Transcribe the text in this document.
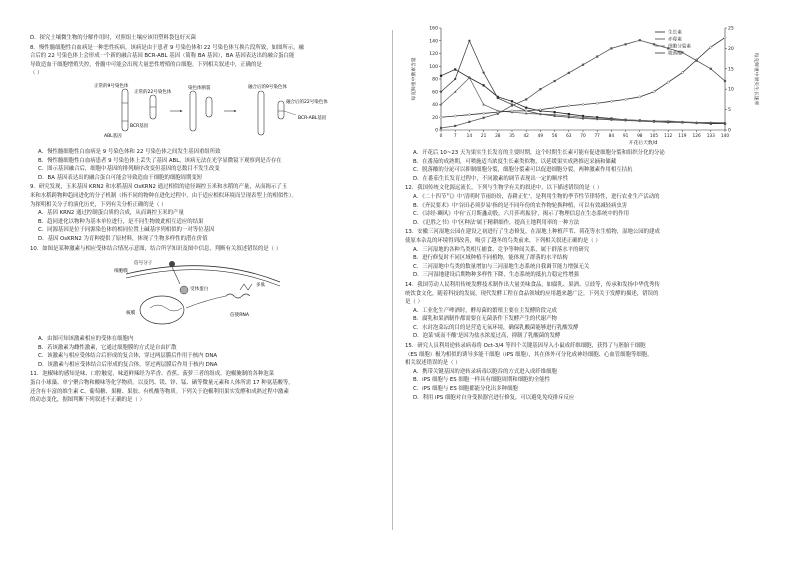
D．探究土壤微生物的分解作用时，对照组土壤应该用塑料袋包好灭菌
8．慢性髓细胞性白血病是一种恶性疾病，该病是由于患者 9 号染色体和 22 号染色体互换片段所致，如图所示，融
合后的 22 号染色体上会形成一个新的融合基因 BCR-ABL 基因（简称 BA 基因），BA 基因表达出的融合蛋白能
导致造血干细胞增殖失控，骨髓中可能会出现大量恶性增殖的白细胞。下列相关叙述中，正确的是
（ ）
正常的9号染色体
正常的22号染色体
BCR基因
ABL基因
染色体断裂	融合后的9号染色体
融合后的22号染色体
BCR-ABL基因
A．慢性髓细胞性白血病是 9 号染色体和 22 号染色体之间发生基因重组所致
B．慢性髓细胞性白血病患者 9 号染色体上丢失了基因 ABL，该病无法在光学显微镜下观察到是否存在
C．图示基因融合后，细胞中基因的排列顺序改变但基因的总数目不发生改变
D．BA 基因表达出的融合蛋白可能会导致造血干细胞的细胞周期变短
9．研究发现，玉米基因 KRN2 和水稻基因 OsKRN2 通过相似的途径调控玉米和水稻的产量，从而揭示了玉
米和水稻跨物种趋同进化的分子机制（指不同的物种在进化过程中，由于适应相似环境而呈现表型上的相似性）。
为探明相关分子的演化历史，下列有关分析正确的是（ ）
A．基因 KRN2 通过控制蛋白质的合成，从而调控玉米的产量
B．趋同进化以物种为基本单位进行，是不同生物彼此相互适应的结果
C．同源基因是位于同源染色体的相同位置上碱基序列相似的一对等位基因
D．基因 OsKRN2 为育种提供了原材料，体现了生物多样性的潜在价值
10．如图是某种激素与相应受体结合情况示意图，结合所学知识及图中信息，判断有关叙述错误的是（ ）
信号分子
细胞膜
受体蛋白
核膜
多肽
信使RNA
A．由图可知该激素相应的受体在细胞内
B．若该激素为雌性激素，它通过细胞膜的方式是自由扩散
C．该激素与相应受体结合后形成的复合体，穿过两层膜后作用于核内 DNA
D．该激素与相应受体结合后形成的复合体，穿过两层膜后作用于核内 DNA
11．泡椒味的感知是味、口腔触觉，味道鲜辣经为苹香、香蕉、菠萝三者的组成，泡椒腌制的各种泡菜
蛋白小球藻、单宁聚合物和酸味等化学物质。以及钙、镁、锌、锰、硒等微量元素和人体所需 17 种氨基酸等，
还含有丰富的维生素 C、葡萄糖、果糖、果胶、有机酸等物质。下列关于泡椒利用果实发酵和成熟过程中激素
的动态变化，据图判断下列叙述不正确的是（ ）
0
20
40
60
80
100
120
140
160
0
5
10
15
20
25
0	7 14 21 28 35 42 49 56 63 70 77 84 91 98 105 112 119 126 133 140
开花后天数/d
每克鲜重中激素含量	每克鲜重中果实生长速率
生长素
赤霉素
细胞分裂素
脱落酸
A．开花后 10~23 天为果实生长发育的主要时期，这个时期生长素可能有促进细胞分裂和组织分化的分泌
B．在番茄的成熟期，可喷施适当浓度生长素类似物，以延缓果实成熟推迟采摘和储藏
C．脱落酸的分泌可以抑制细胞分裂，细胞分裂素可以促进细胞分裂，两种激素作用相互拮抗
D．在番茄生长发育过程中，不同激素的调节表现出一定的顺序性
12．我国传统文化源远流长，下列与生物学有关的叙述中，以下描述错误的是（ ）
A．《二十四节气》中'清明时节雨纷纷，春耕正忙'，是利用生物的季节性节律特性，进行农业生产活动的
B．《齐民要术》中'谷田必须岁易'指的是不同年份的农作物轮换种植，可以有效减轻病虫害
C．《诗经·豳风》中有'五月斯螽动股，六月莎鸡振羽'，揭示了物理信息在生态系统中的作用
D．《氾胜之书》中'区种法'属于精耕细作，提高土地利用率的一种方法
13．安徽三河湿地公园在建设之初进行了生态修复，在湿地上种植芦苇、荷花等水生植物，湿地公园的建成
使原本杂乱的环境得到改善，吸引了越冬的鸟类前来，下列相关叙述正确的是（ ）
A．三河湿地的各种鸟类相互捕食、竞争等种间关系，属于群落水平的研究
B．进行修复时不同区域种植不同植物，能体现了群落的水平结构
C．三河湿地中鸟类的数量增加与三河湿地生态系统自我调节能力增强无关
D．三河湿地建设后期物种多样性下降，生态系统的抵抗力稳定性增强
14．我国劳动人民利用传统发酵技术制作出大量美味食品，如腐乳、果酒、豆豉等，传承和发扬中华优秀传
统饮食文化，随着科技的发展，现代发酵工程在食品领域的应用越来越广泛。下列关于发酵的描述，错误的
是（ ）
A．工业化生产啤酒时，酵母菌的繁殖主要在主发酵阶段完成
B．腐乳和果酒制作都需要在无菌条件下发酵产生的代谢产物
C．水封泡菜坛的目的是营造无氧环境，确保乳酸菌能够进行乳酸发酵
D．泡菜'咸而不酸'是因为盐水浓度过高，抑制了乳酸菌的发酵
15．研究人员利用逆转录病毒将 Oct-3/4 等四个关键基因导入小鼠成纤维细胞，获得了与胚胎干细胞
（ES 细胞）极为相似的诱导多能干细胞（iPS 细胞），其在体外可分化成神经细胞、心血管细胞等细胞，
相关叙述错误的是（ ）
A．携带关键基因的逆转录病毒以胞吞的方式进入成纤维细胞
B．iPS 细胞与 ES 细胞一样具有细胞周期和细胞的全能性
C．iPS 细胞与 ES 细胞都能分化出多种细胞
D．利用 iPS 细胞对自身受损器官进行修复，可以避免免疫排斥反应
